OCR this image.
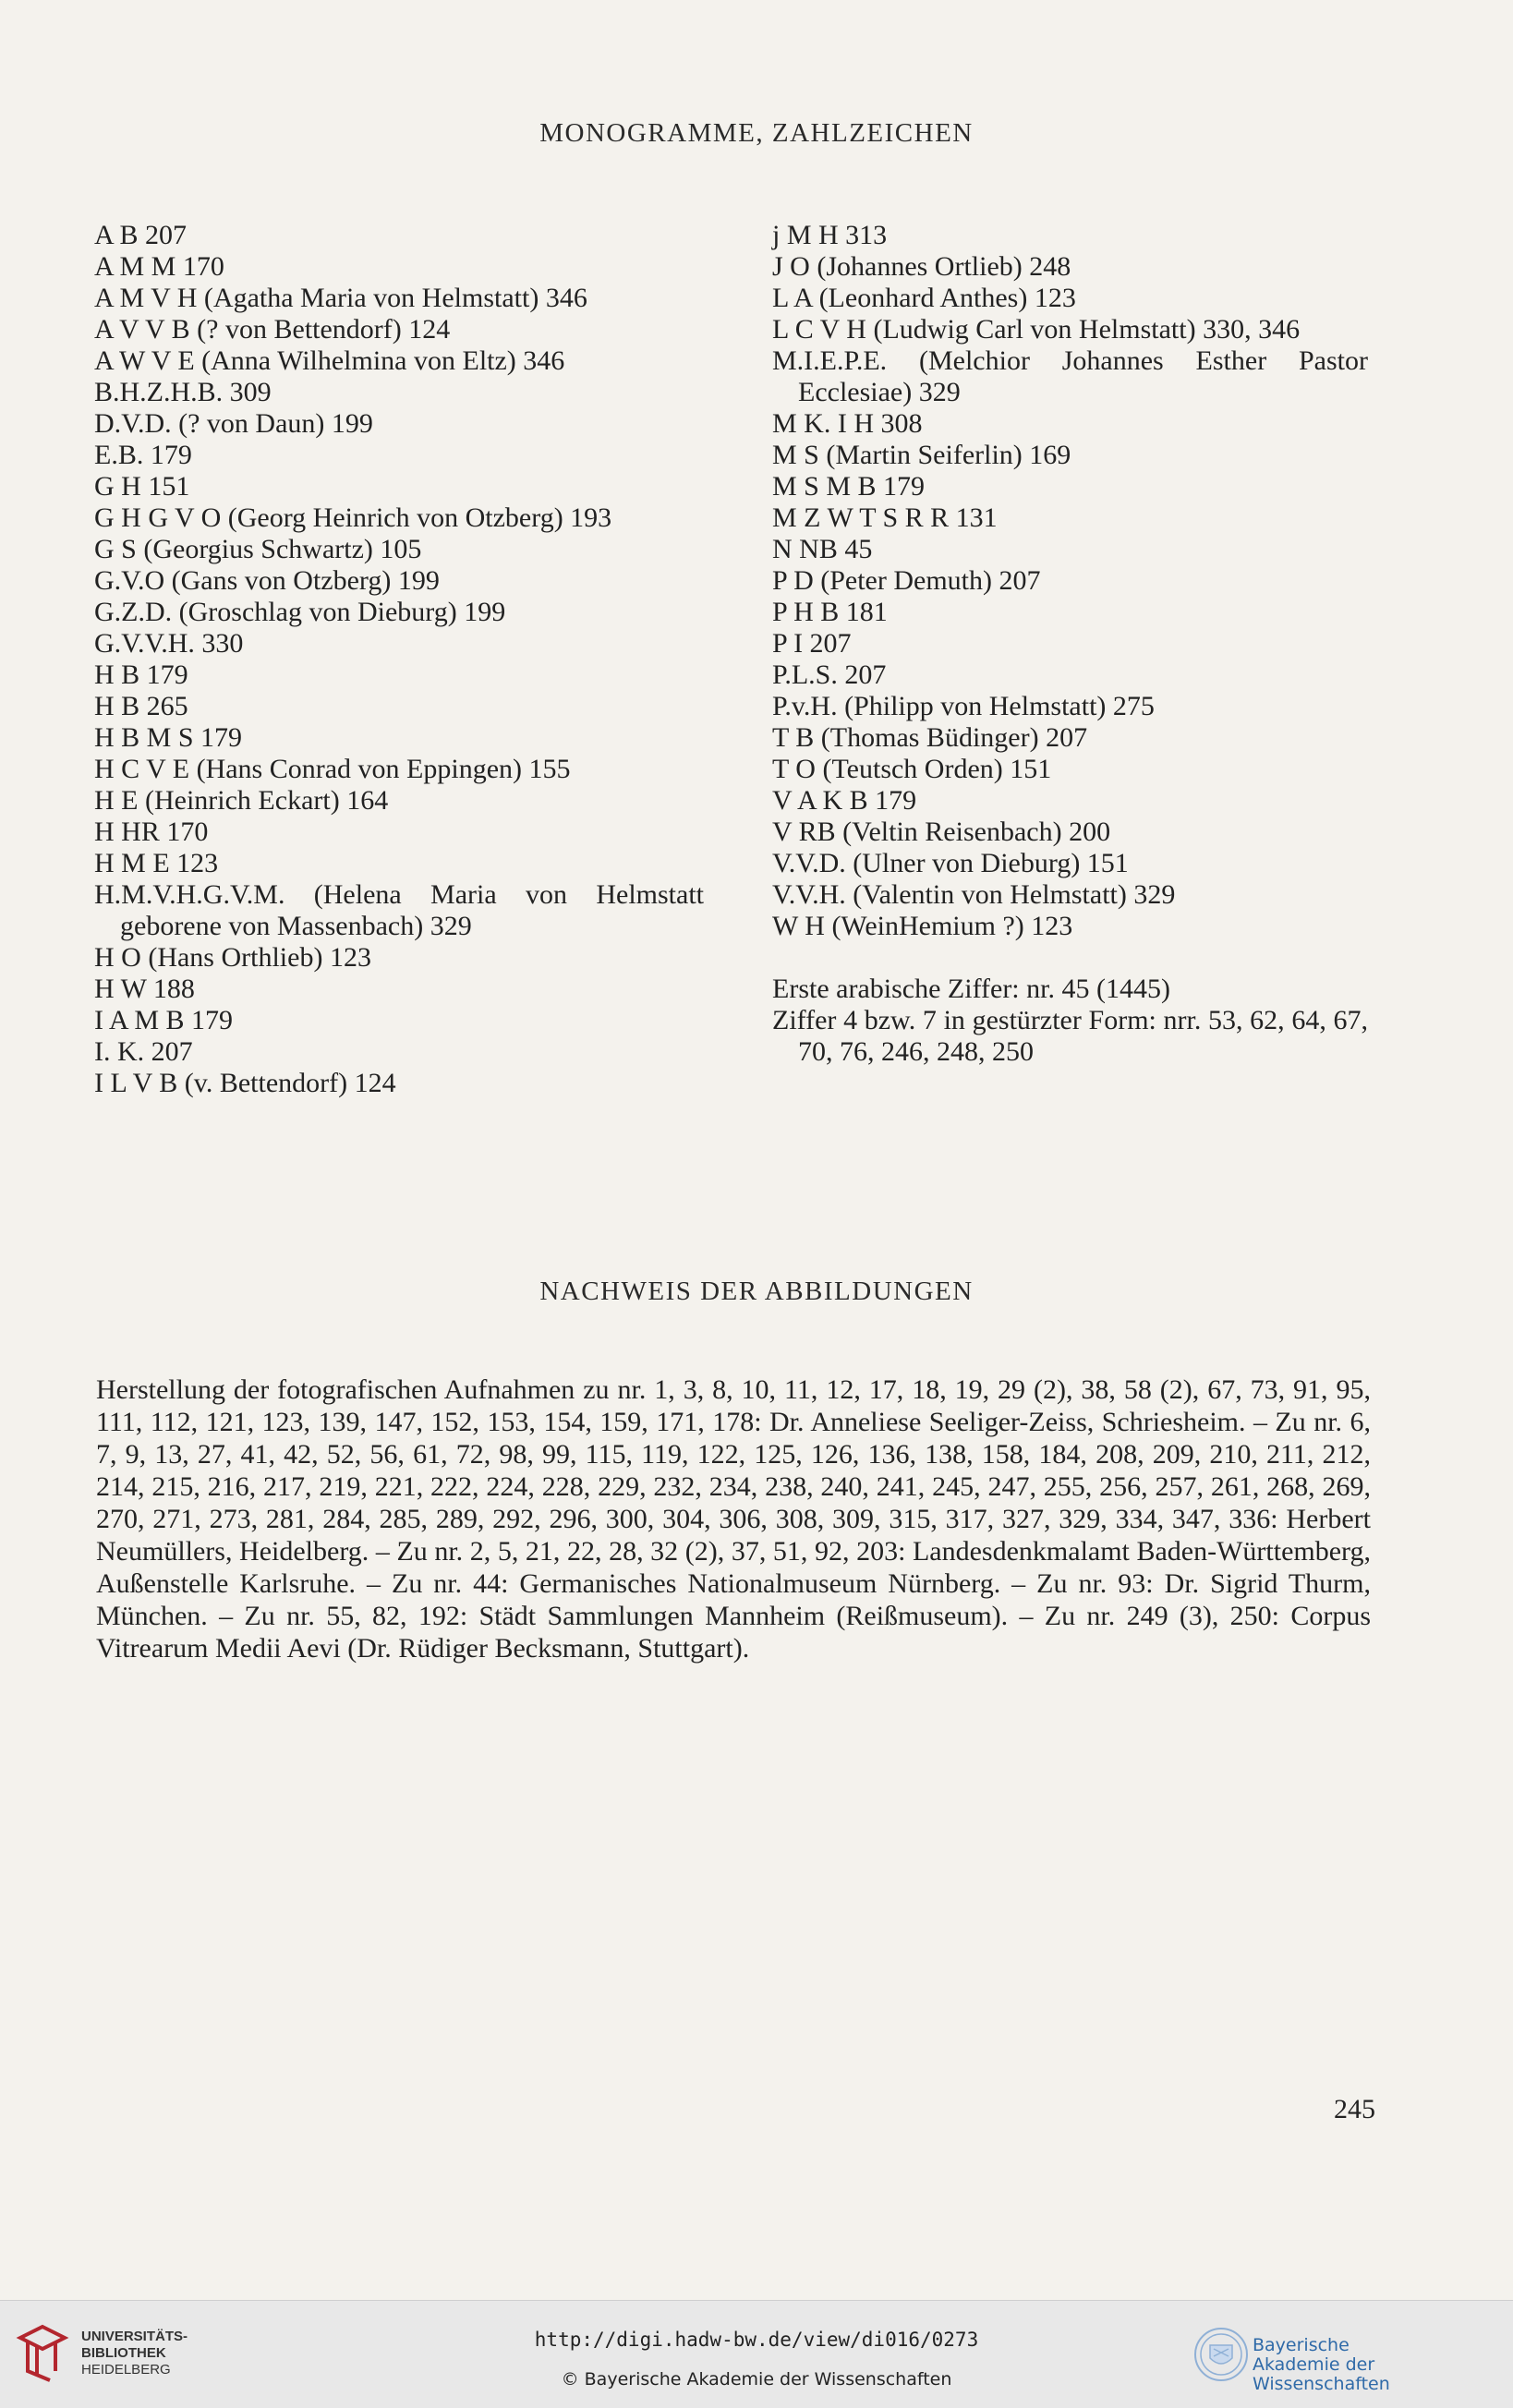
MONOGRAMME, ZAHLZEICHEN
A B 207
A M M 170
A M V H (Agatha Maria von Helmstatt) 346
A V V B (? von Bettendorf) 124
A W V E (Anna Wilhelmina von Eltz) 346
B.H.Z.H.B. 309
D.V.D. (? von Daun) 199
E.B. 179
G H 151
G H G V O (Georg Heinrich von Otzberg) 193
G S (Georgius Schwartz) 105
G.V.O (Gans von Otzberg) 199
G.Z.D. (Groschlag von Dieburg) 199
G.V.V.H. 330
H B 179
H B 265
H B M S 179
H C V E (Hans Conrad von Eppingen) 155
H E (Heinrich Eckart) 164
H HR 170
H M E 123
H.M.V.H.G.V.M. (Helena Maria von Helmstatt geborene von Massenbach) 329
H O (Hans Orthlieb) 123
H W 188
I A M B 179
I. K. 207
I L V B (v. Bettendorf) 124
j M H 313
J O (Johannes Ortlieb) 248
L A (Leonhard Anthes) 123
L C V H (Ludwig Carl von Helmstatt) 330, 346
M.I.E.P.E. (Melchior Johannes Esther Pastor Ecclesiae) 329
M K. I H 308
M S (Martin Seiferlin) 169
M S M B 179
M Z W T S R R 131
N NB 45
P D (Peter Demuth) 207
P H B 181
P I 207
P.L.S. 207
P.v.H. (Philipp von Helmstatt) 275
T B (Thomas Büdinger) 207
T O (Teutsch Orden) 151
V A K B 179
V RB (Veltin Reisenbach) 200
V.V.D. (Ulner von Dieburg) 151
V.V.H. (Valentin von Helmstatt) 329
W H (WeinHemium ?) 123
Erste arabische Ziffer: nr. 45 (1445)
Ziffer 4 bzw. 7 in gestürzter Form: nrr. 53, 62, 64, 67, 70, 76, 246, 248, 250
NACHWEIS DER ABBILDUNGEN
Herstellung der fotografischen Aufnahmen zu nr. 1, 3, 8, 10, 11, 12, 17, 18, 19, 29 (2), 38, 58 (2), 67, 73, 91, 95, 111, 112, 121, 123, 139, 147, 152, 153, 154, 159, 171, 178: Dr. Anneliese Seeliger-Zeiss, Schriesheim. – Zu nr. 6, 7, 9, 13, 27, 41, 42, 52, 56, 61, 72, 98, 99, 115, 119, 122, 125, 126, 136, 138, 158, 184, 208, 209, 210, 211, 212, 214, 215, 216, 217, 219, 221, 222, 224, 228, 229, 232, 234, 238, 240, 241, 245, 247, 255, 256, 257, 261, 268, 269, 270, 271, 273, 281, 284, 285, 289, 292, 296, 300, 304, 306, 308, 309, 315, 317, 327, 329, 334, 347, 336: Herbert Neumüllers, Heidelberg. – Zu nr. 2, 5, 21, 22, 28, 32 (2), 37, 51, 92, 203: Landesdenkmalamt Baden-Württemberg, Außenstelle Karlsruhe. – Zu nr. 44: Germanisches Nationalmuseum Nürnberg. – Zu nr. 93: Dr. Sigrid Thurm, München. – Zu nr. 55, 82, 192: Städt Sammlungen Mannheim (Reißmuseum). – Zu nr. 249 (3), 250: Corpus Vitrearum Medii Aevi (Dr. Rüdiger Becksmann, Stuttgart).
245
UNIVERSITÄTS-
BIBLIOTHEK
HEIDELBERG
http://digi.hadw-bw.de/view/di016/0273
© Bayerische Akademie der Wissenschaften
Bayerische
Akademie der Wissenschaften
